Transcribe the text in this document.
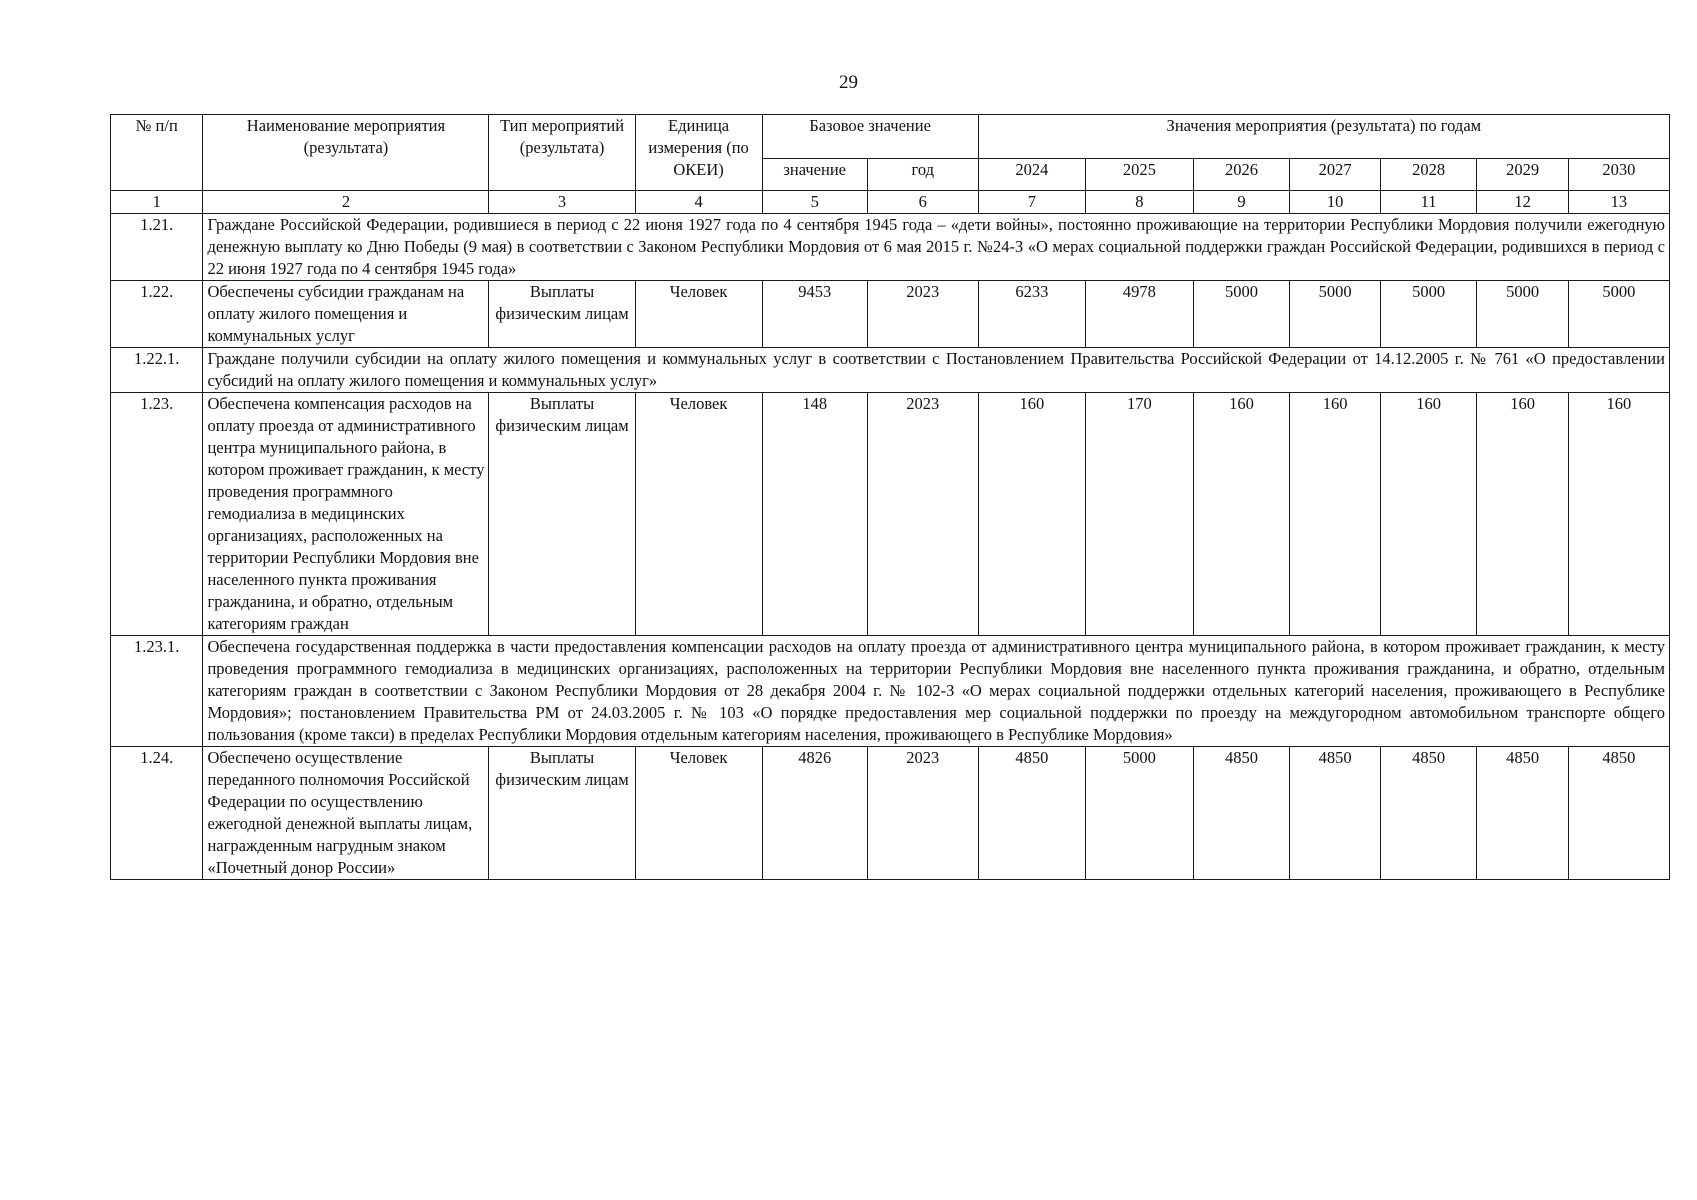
29
№ п/п	Наименование мероприятия (результата)	Тип мероприятий (результата)	Единица измерения (по ОКЕИ)	Базовое значение		Значения мероприятия (результата) по годам						
				значение	год	2024	2025	2026	2027	2028	2029	2030
1	2	3	4	5	6	7	8	9	10	11	12	13
1.21.	Граждане Российской Федерации, родившиеся в период с 22 июня 1927 года по 4 сентября 1945 года – «дети войны», постоянно проживающие на территории Республики Мордовия получили ежегодную денежную выплату ко Дню Победы (9 мая) в соответствии с Законом Республики Мордовия от 6 мая 2015 г. №24-З «О мерах социальной поддержки граждан Российской Федерации, родившихся в период с 22 июня 1927 года по 4 сентября 1945 года»											
1.22.	Обеспечены субсидии гражданам на оплату жилого помещения и коммунальных услуг	Выплаты физическим лицам	Человек	9453	2023	6233	4978	5000	5000	5000	5000	5000
1.22.1.	Граждане получили субсидии на оплату жилого помещения и коммунальных услуг в соответствии с Постановлением Правительства Российской Федерации от 14.12.2005 г. № 761 «О предоставлении субсидий на оплату жилого помещения и коммунальных услуг»											
1.23.	Обеспечена компенсация расходов на оплату проезда от административного центра муниципального района, в котором проживает гражданин, к месту проведения программного гемодиализа в медицинских организациях, расположенных на территории Республики Мордовия вне населенного пункта проживания гражданина, и обратно, отдельным категориям граждан	Выплаты физическим лицам	Человек	148	2023	160	170	160	160	160	160	160
1.23.1.	Обеспечена государственная поддержка в части предоставления компенсации расходов на оплату проезда от административного центра муниципального района, в котором проживает гражданин, к месту проведения программного гемодиализа в медицинских организациях, расположенных на территории Республики Мордовия вне населенного пункта проживания гражданина, и обратно, отдельным категориям граждан в соответствии с Законом Республики Мордовия от 28 декабря 2004 г. № 102-З «О мерах социальной поддержки отдельных категорий населения, проживающего в Республике Мордовия»; постановлением Правительства РМ от 24.03.2005 г. № 103 «О порядке предоставления мер социальной поддержки по проезду на междугородном автомобильном транспорте общего пользования (кроме такси) в пределах Республики Мордовия отдельным категориям населения, проживающего в Республике Мордовия»											
1.24.	Обеспечено осуществление переданного полномочия Российской Федерации по осуществлению ежегодной денежной выплаты лицам, награжденным нагрудным знаком «Почетный донор России»	Выплаты физическим лицам	Человек	4826	2023	4850	5000	4850	4850	4850	4850	4850
